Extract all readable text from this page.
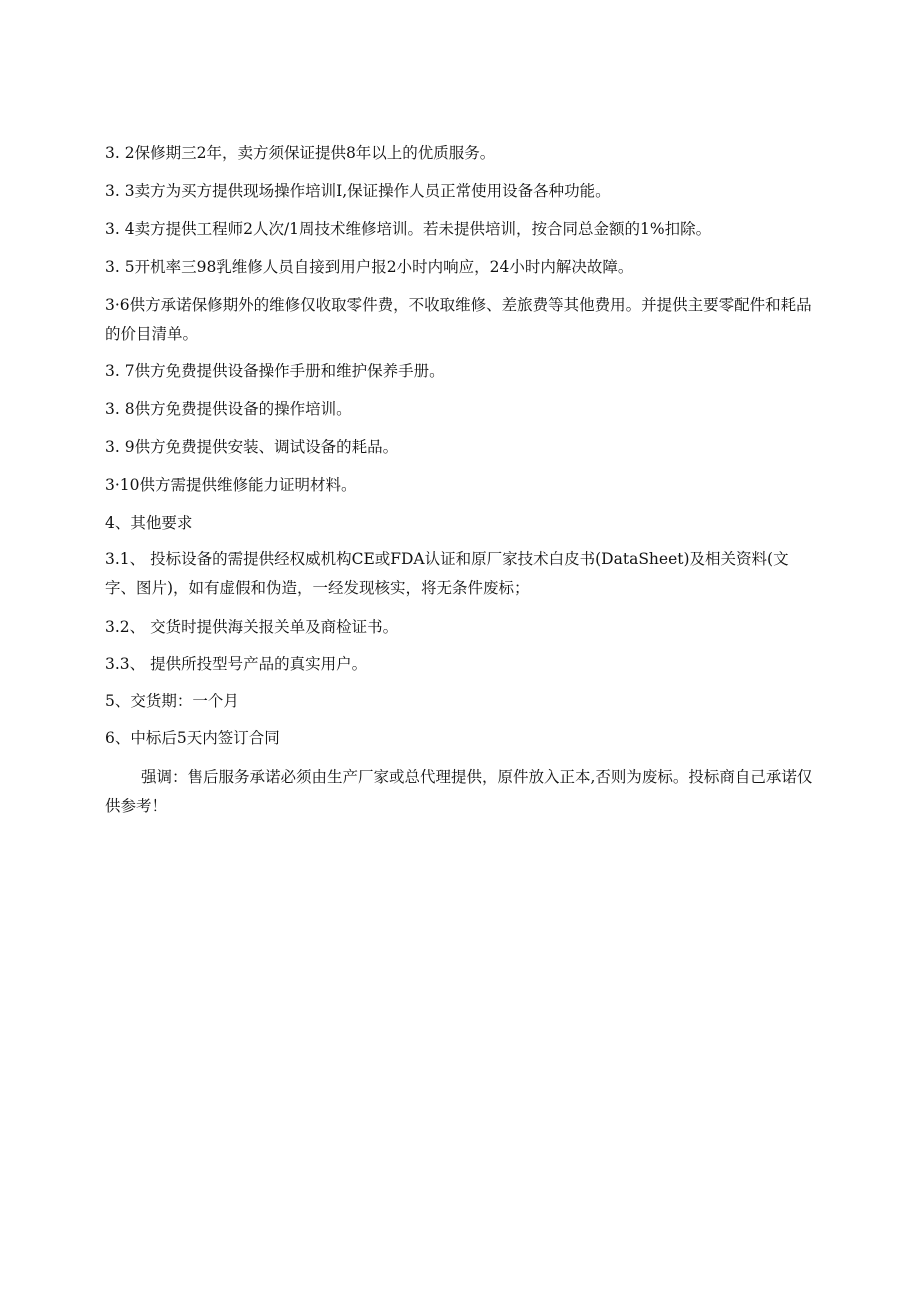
3. 2保修期三2年，卖方须保证提供8年以上的优质服务。

3. 3卖方为买方提供现场操作培训I,保证操作人员正常使用设备各种功能。

3. 4卖方提供工程师2人次/1周技术维修培训。若未提供培训，按合同总金额的1%扣除。

3. 5开机率三98乳维修人员自接到用户报2小时内响应，24小时内解决故障。

3·6供方承诺保修期外的维修仅收取零件费，不收取维修、差旅费等其他费用。并提供主要零配件和耗品的价目清单。

3. 7供方免费提供设备操作手册和维护保养手册。

3. 8供方免费提供设备的操作培训。

3. 9供方免费提供安装、调试设备的耗品。

3·10供方需提供维修能力证明材料。

4、其他要求

3.1、 投标设备的需提供经权威机构CE或FDA认证和原厂家技术白皮书(DataSheet)及相关资料(文字、图片)，如有虚假和伪造，一经发现核实，将无条件废标；

3.2、 交货时提供海关报关单及商检证书。

3.3、 提供所投型号产品的真实用户。

5、交货期：一个月

6、中标后5天内签订合同

强调：售后服务承诺必须由生产厂家或总代理提供，原件放入正本,否则为废标。投标商自己承诺仅供参考！
